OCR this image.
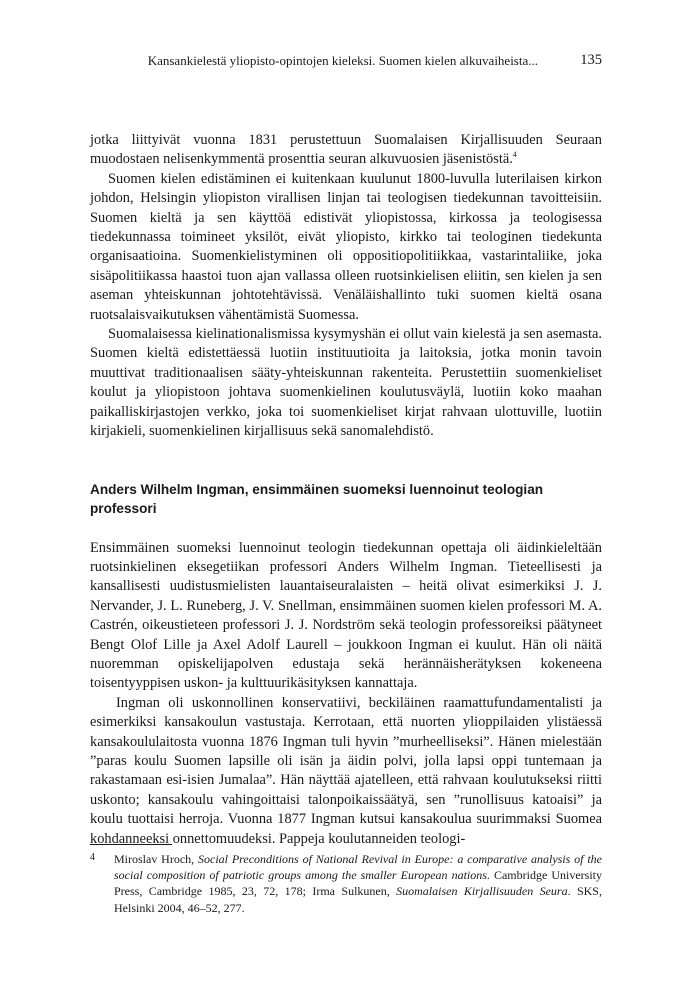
Kansankielestä yliopisto-opintojen kieleksi. Suomen kielen alkuvaiheista...	135

jotka liittyivät vuonna 1831 perustettuun Suomalaisen Kirjallisuuden Seuraan muodostaen nelisenkymmentä prosenttia seuran alkuvuosien jäsenistöstä.$^4$

Suomen kielen edistäminen ei kuitenkaan kuulunut 1800-luvulla luterilaisen kirkon johdon, Helsingin yliopiston virallisen linjan tai teologisen tiedekunnan tavoitteisiin. Suomen kieltä ja sen käyttöä edistivät yliopistossa, kirkossa ja teologisessa tiedekunnassa toimineet yksilöt, eivät yliopisto, kirkko tai teologinen tiedekunta organisaatioina. Suomenkielistyminen oli oppositiopolitiikkaa, vastarintaliike, joka sisäpolitiikassa haastoi tuon ajan vallassa olleen ruotsinkielisen eliitin, sen kielen ja sen aseman yhteiskunnan johtotehtävissä. Venäläishallinto tuki suomen kieltä osana ruotsalaisvaikutuksen vähentämistä Suomessa.

Suomalaisessa kielinationalismissa kysymyshän ei ollut vain kielestä ja sen asemasta. Suomen kieltä edistettäessä luotiin instituutioita ja laitoksia, jotka monin tavoin muuttivat traditionaalisen sääty-yhteiskunnan rakenteita. Perustettiin suomenkieliset koulut ja yliopistoon johtava suomenkielinen koulutusväylä, luotiin koko maahan paikalliskirjastojen verkko, joka toi suomenkieliset kirjat rahvaan ulottuville, luotiin kirjakieli, suomenkielinen kirjallisuus sekä sanomalehdistö.

Anders Wilhelm Ingman, ensimmäinen suomeksi luennoinut teologian professori

Ensimmäinen suomeksi luennoinut teologin tiedekunnan opettaja oli äidinkieleltään ruotsinkielinen eksegetiikan professori Anders Wilhelm Ingman. Tieteellisesti ja kansallisesti uudistusmielisten lauantaiseuralaisten – heitä olivat esimerkiksi J. J. Nervander, J. L. Runeberg, J. V. Snellman, ensimmäinen suomen kielen professori M. A. Castrén, oikeustieteen professori J. J. Nordström sekä teologin professoreiksi päätyneet Bengt Olof Lille ja Axel Adolf Laurell – joukkoon Ingman ei kuulut. Hän oli näitä nuoremman opiskelijapolven edustaja sekä herännäisherätyksen kokeneena toisentyyppisen uskon- ja kulttuurikäsityksen kannattaja.

Ingman oli uskonnollinen konservatiivi, beckiläinen raamattufundamentalisti ja esimerkiksi kansakoulun vastustaja. Kerrotaan, että nuorten ylioppilaiden ylistäessä kansakoululaitosta vuonna 1876 Ingman tuli hyvin ”murheelliseksi”. Hänen mielestään ”paras koulu Suomen lapsille oli isän ja äidin polvi, jolla lapsi oppi tuntemaan ja rakastamaan esi-isien Jumalaa”. Hän näyttää ajatelleen, että rahvaan koulutukseksi riitti uskonto; kansakoulu vahingoittaisi talonpoikaissäätyä, sen ”runollisuus katoaisi” ja koulu tuottaisi herroja. Vuonna 1877 Ingman kutsui kansakoulua suurimmaksi Suomea kohdanneeksi onnettomuudeksi. Pappeja koulutanneiden teologi-

4 Miroslav Hroch, Social Preconditions of National Revival in Europe: a comparative analysis of the social composition of patriotic groups among the smaller European nations. Cambridge University Press, Cambridge 1985, 23, 72, 178; Irma Sulkunen, Suomalaisen Kirjallisuuden Seura. SKS, Helsinki 2004, 46–52, 277.
